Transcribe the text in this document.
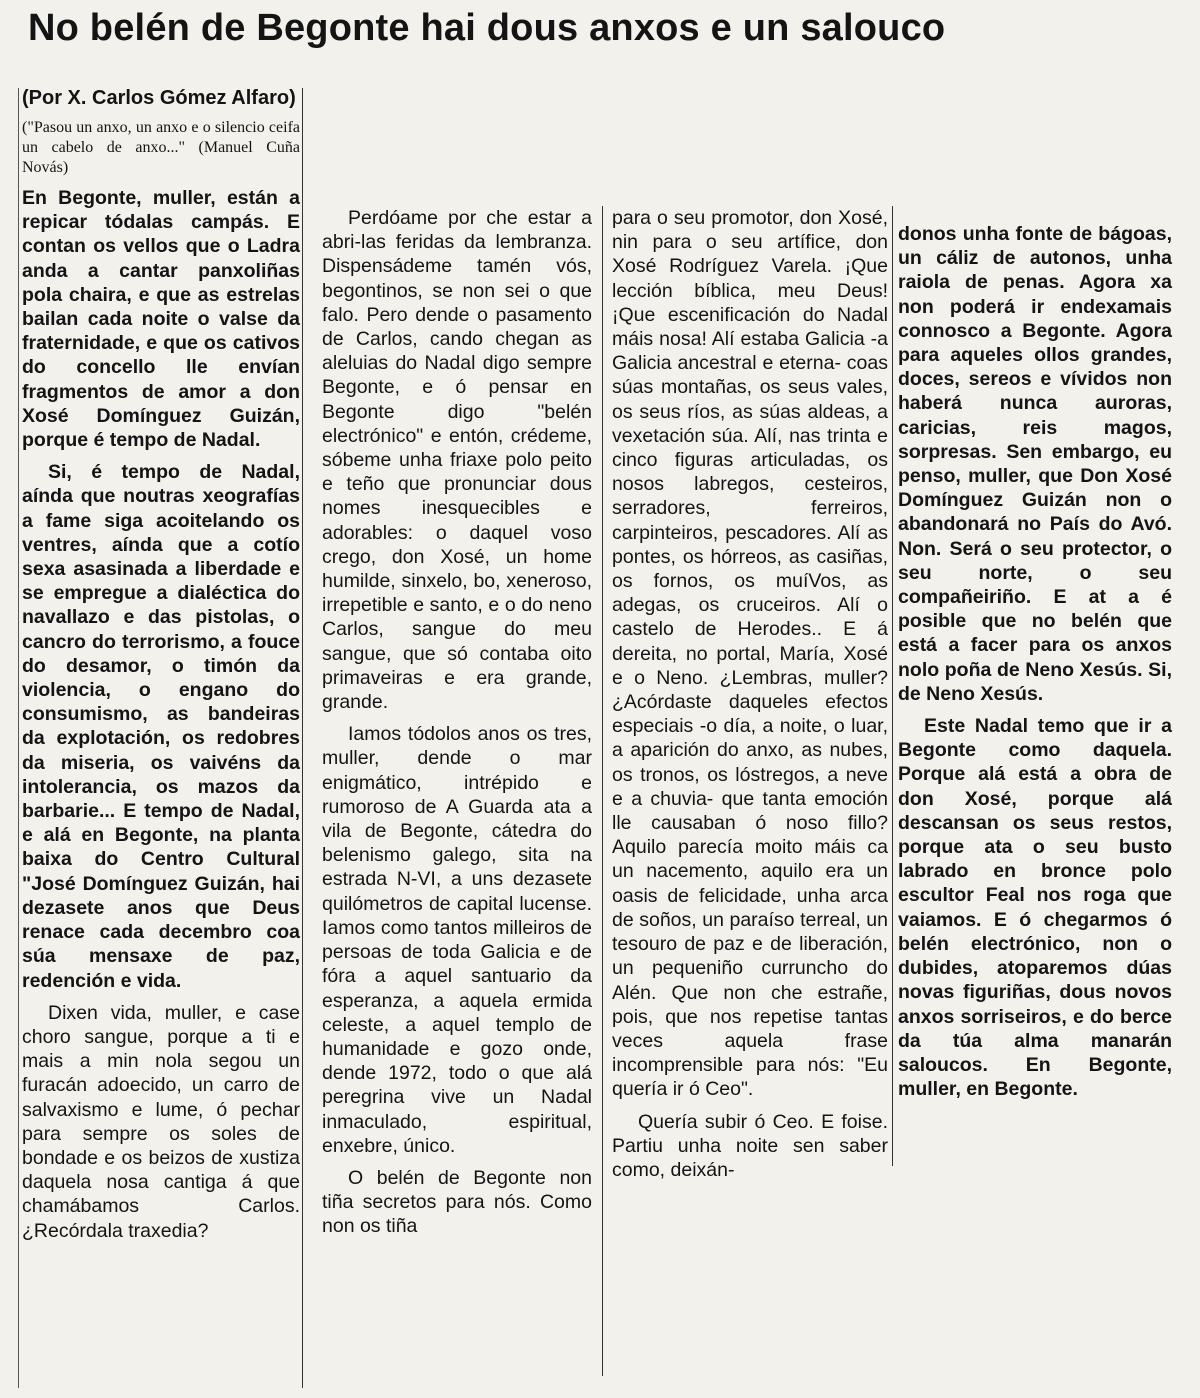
No belén de Begonte hai dous anxos e un salouco

(Por X. Carlos Gómez Alfaro)

("Pasou un anxo, un anxo e o silencio ceifa un cabelo de anxo..." (Manuel Cuña Novás)

En Begonte, muller, están a repicar tódalas campás. E contan os vellos que o Ladra anda a cantar panxoliñas pola chaira, e que as estrelas bailan cada noite o valse da fraternidade, e que os cativos do concello lle envían fragmentos de amor a don Xosé Domínguez Guizán, porque é tempo de Nadal.

Si, é tempo de Nadal, aínda que noutras xeografías a fame siga acoitelando os ventres, aínda que a cotío sexa asasinada a liberdade e se empregue a dialéctica do navallazo e das pistolas, o cancro do terrorismo, a fouce do desamor, o timón da violencia, o engano do consumismo, as bandeiras da explotación, os redobres da miseria, os vaivéns da intolerancia, os mazos da barbarie... E tempo de Nadal, e alá en Begonte, na planta baixa do Centro Cultural "José Domínguez Guizán, hai dezasete anos que Deus renace cada decembro coa súa mensaxe de paz, redención e vida.

Dixen vida, muller, e case choro sangue, porque a ti e mais a min nola segou un furacán adoecido, un carro de salvaxismo e lume, ó pechar para sempre os soles de bondade e os beizos de xustiza daquela nosa cantiga á que chamábamos Carlos. ¿Recórdala traxedia?

Perdóame por che estar a abri-las feridas da lembranza. Dispensádeme tamén vós, begontinos, se non sei o que falo. Pero dende o pasamento de Carlos, cando chegan as aleluias do Nadal digo sempre Begonte, e ó pensar en Begonte digo "belén electrónico" e entón, crédeme, sóbeme unha friaxe polo peito e teño que pronunciar dous nomes inesquecibles e adorables: o daquel voso crego, don Xosé, un home humilde, sinxelo, bo, xeneroso, irrepetible e santo, e o do neno Carlos, sangue do meu sangue, que só contaba oito primaveiras e era grande, grande.

Iamos tódolos anos os tres, muller, dende o mar enigmático, intrépido e rumoroso de A Guarda ata a vila de Begonte, cátedra do belenismo galego, sita na estrada N-VI, a uns dezasete quilómetros de capital lucense. Iamos como tantos milleiros de persoas de toda Galicia e de fóra a aquel santuario da esperanza, a aquela ermida celeste, a aquel templo de humanidade e gozo onde, dende 1972, todo o que alá peregrina vive un Nadal inmaculado, espiritual, enxebre, único.

O belén de Begonte non tiña secretos para nós. Como non os tiña

para o seu promotor, don Xosé, nin para o seu artífice, don Xosé Rodríguez Varela. ¡Que lección bíblica, meu Deus! ¡Que escenificación do Nadal máis nosa! Alí estaba Galicia -a Galicia ancestral e eterna- coas súas montañas, os seus vales, os seus ríos, as súas aldeas, a vexetación súa. Alí, nas trinta e cinco figuras articuladas, os nosos labregos, cesteiros, serradores, ferreiros, carpinteiros, pescadores. Alí as pontes, os hórreos, as casiñas, os fornos, os muíVos, as adegas, os cruceiros. Alí o castelo de Herodes.. E á dereita, no portal, María, Xosé e o Neno. ¿Lembras, muller? ¿Acórdaste daqueles efectos especiais -o día, a noite, o luar, a aparición do anxo, as nubes, os tronos, os lóstregos, a neve e a chuvia- que tanta emoción lle causaban ó noso fillo? Aquilo parecía moito máis ca un nacemento, aquilo era un oasis de felicidade, unha arca de soños, un paraíso terreal, un tesouro de paz e de liberación, un pequeniño curruncho do Alén. Que non che estrañe, pois, que nos repetise tantas veces aquela frase incomprensible para nós: "Eu quería ir ó Ceo".

Quería subir ó Ceo. E foise. Partiu unha noite sen saber como, deixán-

donos unha fonte de bágoas, un cáliz de autonos, unha raiola de penas. Agora xa non poderá ir endexamais connosco a Begonte. Agora para aqueles ollos grandes, doces, sereos e vívidos non haberá nunca auroras, caricias, reis magos, sorpresas. Sen embargo, eu penso, muller, que Don Xosé Domínguez Guizán non o abandonará no País do Avó. Non. Será o seu protector, o seu norte, o seu compañeiriño. E at a é posible que no belén que está a facer para os anxos nolo poña de Neno Xesús. Si, de Neno Xesús.

Este Nadal temo que ir a Begonte como daquela. Porque alá está a obra de don Xosé, porque alá descansan os seus restos, porque ata o seu busto labrado en bronce polo escultor Feal nos roga que vaiamos. E ó chegarmos ó belén electrónico, non o dubides, atoparemos dúas novas figuriñas, dous novos anxos sorriseiros, e do berce da túa alma manarán saloucos. En Begonte, muller, en Begonte.
